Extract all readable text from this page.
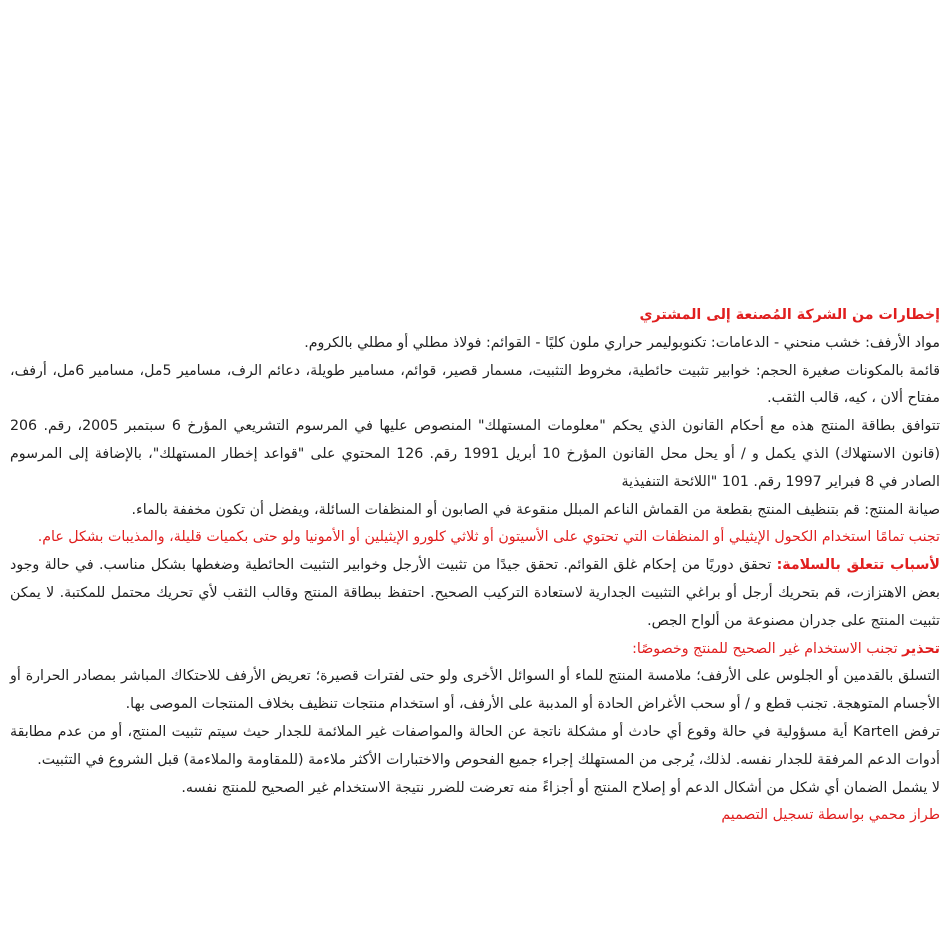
إخطارات من الشركة المُصنعة إلى المشتري

مواد الأرفف: خشب منحني - الدعامات: تكنوبوليمر حراري ملون كليًا - القوائم: فولاذ مطلي أو مطلي بالكروم.

قائمة بالمكونات صغيرة الحجم: خوابير تثبيت حائطية، مخروط التثبيت، مسمار قصير، قوائم، مسامير طويلة، دعائم الرف، مسامير 5مل، مسامير 6مل، أرفف، مفتاح ألان ، كيه، قالب الثقب.

تتوافق بطاقة المنتج هذه مع أحكام القانون الذي يحكم "معلومات المستهلك" المنصوص عليها في المرسوم التشريعي المؤرخ 6 سبتمبر 2005، رقم. 206 (قانون الاستهلاك) الذي يكمل و / أو يحل محل القانون المؤرخ 10 أبريل 1991 رقم. 126 المحتوي على "قواعد إخطار المستهلك"، بالإضافة إلى المرسوم الصادر في 8 فبراير 1997 رقم. 101 "اللائحة التنفيذية

صيانة المنتج: قم بتنظيف المنتج بقطعة من القماش الناعم المبلل منقوعة في الصابون أو المنظفات السائلة، ويفضل أن تكون مخففة بالماء.

تجنب تمامًا استخدام الكحول الإيثيلي أو المنظفات التي تحتوي على الأسيتون أو ثلاثي كلورو الإيثيلين أو الأمونيا ولو حتى بكميات قليلة، والمذيبات بشكل عام.

لأسباب تتعلق بالسلامة: تحقق دوريًا من إحكام غلق القوائم. تحقق جيدًا من تثبيت الأرجل وخوابير التثبيت الحائطية وضغطها بشكل مناسب. في حالة وجود بعض الاهتزازت، قم بتحريك أرجل أو براغي التثبيت الجدارية لاستعادة التركيب الصحيح. احتفظ ببطاقة المنتج وقالب الثقب لأي تحريك محتمل للمكتبة. لا يمكن تثبيت المنتج على جدران مصنوعة من ألواح الجص.

تحذير تجنب الاستخدام غير الصحيح للمنتج وخصوصًا:

التسلق بالقدمين أو الجلوس على الأرفف؛ ملامسة المنتج للماء أو السوائل الأخرى ولو حتى لفترات قصيرة؛ تعريض الأرفف للاحتكاك المباشر بمصادر الحرارة أو الأجسام المتوهجة. تجنب قطع و / أو سحب الأغراض الحادة أو المدببة على الأرفف، أو استخدام منتجات تنظيف بخلاف المنتجات الموصى بها.

ترفض Kartell أية مسؤولية في حالة وقوع أي حادث أو مشكلة ناتجة عن الحالة والمواصفات غير الملائمة للجدار حيث سيتم تثبيت المنتج، أو من عدم مطابقة أدوات الدعم المرفقة للجدار نفسه. لذلك، يُرجى من المستهلك إجراء جميع الفحوص والاختبارات الأكثر ملاءمة (للمقاومة والملاءمة) قبل الشروع في التثبيت.

لا يشمل الضمان أي شكل من أشكال الدعم أو إصلاح المنتج أو أجزاءً منه تعرضت للضرر نتيجة الاستخدام غير الصحيح للمنتج نفسه.

طراز محمي بواسطة تسجيل التصميم
